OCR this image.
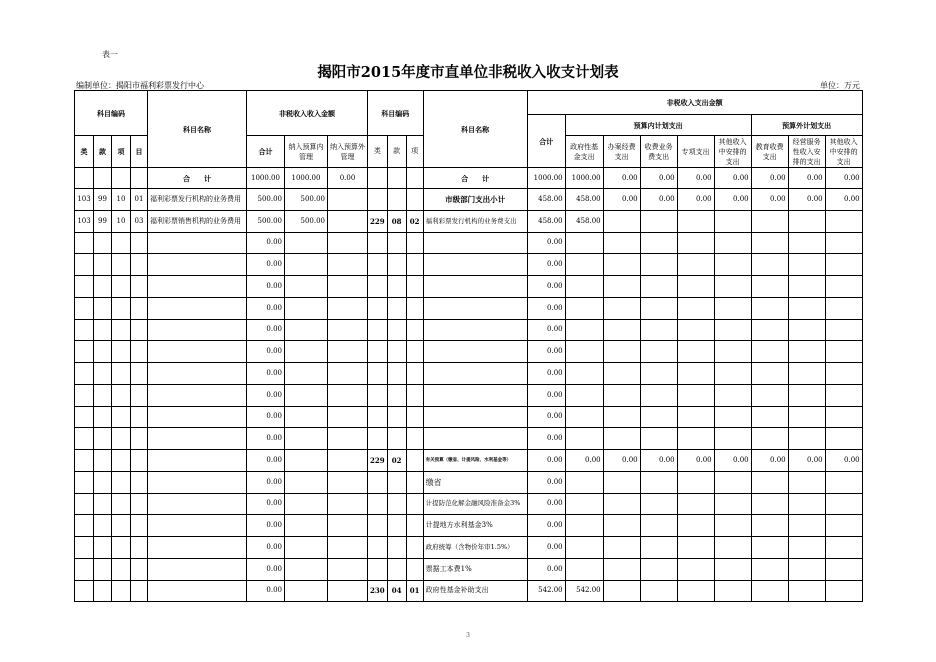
表一
揭阳市2015年度市直单位非税收入收支计划表
编制单位：揭阳市福利彩票发行中心	单位：万元
科目编码				科目名称	非税收入收入金额			科目编码			科目名称	非税收入支出金额								
												合计	预算内计划支出					预算外计划支出		
类	款	项	目		合计	纳入预算内管理	纳入预算外管理	类	款	项			政府性基金支出	办案经费支出	收费业务费支出	专项支出	其他收入中安排的支出	教育收费支出	经营服务性收入安排的支出	其他收入中安排的支出
				合　　计	1000.00	1000.00	0.00				合　　计	1000.00	1000.00	0.00	0.00	0.00	0.00	0.00	0.00	0.00
103	99	10	01	福利彩票发行机构的业务费用	500.00	500.00					市级部门支出小计	458.00	458.00	0.00	0.00	0.00	0.00	0.00	0.00	0.00
103	99	10	03	福利彩票销售机构的业务费用	500.00	500.00		229	08	02	福利彩票发行机构的业务费支出	458.00	458.00							
					0.00							0.00								
					0.00							0.00								
					0.00							0.00								
					0.00							0.00								
					0.00							0.00								
					0.00							0.00								
					0.00							0.00								
					0.00							0.00								
					0.00							0.00								
					0.00							0.00								
					0.00			229	02		有关预算（缴省、计提风险、水利基金等）	0.00	0.00	0.00	0.00	0.00	0.00	0.00	0.00	0.00
					0.00						缴省	0.00								
					0.00						计提防范化解金融风险准备金3%	0.00								
					0.00						计提地方水利基金3%	0.00								
					0.00						政府统筹（含物价年审1.5%）	0.00								
					0.00						票据工本费1%	0.00								
					0.00			230	04	01	政府性基金补助支出	542.00	542.00							
3
